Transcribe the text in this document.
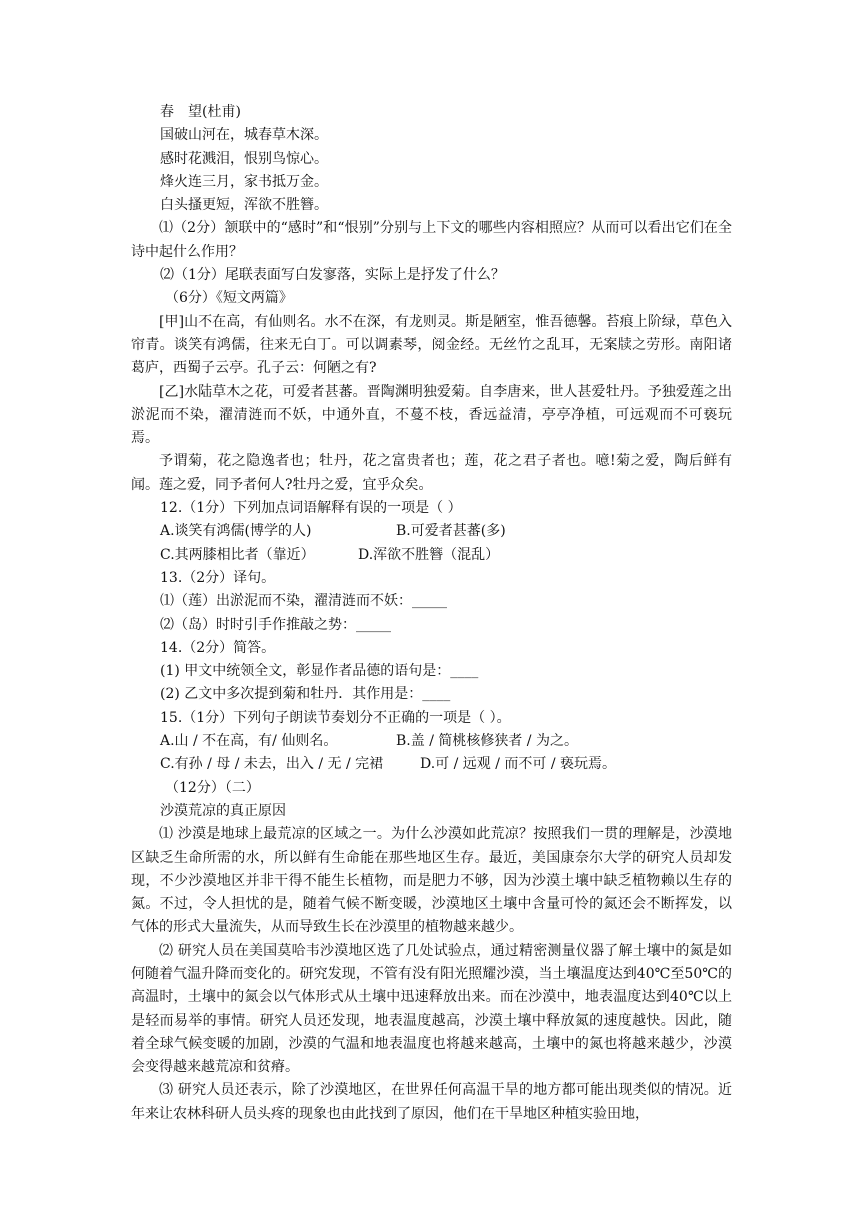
春　望(杜甫)
国破山河在，城春草木深。
感时花溅泪，恨别鸟惊心。
烽火连三月，家书抵万金。
白头搔更短，浑欲不胜簪。

⑴（2分）颔联中的“感时”和“恨别”分别与上下文的哪些内容相照应？从而可以看出它们在全诗中起什么作用？

⑵（1分）尾联表面写白发寥落，实际上是抒发了什么？
（6分）《短文两篇》

[甲]山不在高，有仙则名。水不在深，有龙则灵。斯是陋室，惟吾德馨。苔痕上阶绿，草色入帘青。谈笑有鸿儒，往来无白丁。可以调素琴，阅金经。无丝竹之乱耳，无案牍之劳形。南阳诸葛庐，西蜀子云亭。孔子云：何陋之有?

[乙]水陆草木之花，可爱者甚蕃。晋陶渊明独爱菊。自李唐来，世人甚爱牡丹。予独爱莲之出淤泥而不染，濯清涟而不妖，中通外直，不蔓不枝，香远益清，亭亭净植，可远观而不可亵玩焉。

予谓菊，花之隐逸者也；牡丹，花之富贵者也；莲，花之君子者也。噫!菊之爱，陶后鲜有闻。莲之爱，同予者何人?牡丹之爱，宜乎众矣。

12.（1分）下列加点词语解释有误的一项是（ ）
A.谈笑有鸿儒(博学的人)	B.可爱者甚蕃(多)
C.其两膝相比者（靠近）	D.浑欲不胜簪（混乱）
13.（2分）译句。
⑴（莲）出淤泥而不染，濯清涟而不妖：_____
⑵（岛）时时引手作推敲之势：_____
14.（2分）简答。
(1) 甲文中统领全文，彰显作者品德的语句是：____
(2) 乙文中多次提到菊和牡丹．其作用是：____
15.（1分）下列句子朗读节奏划分不正确的一项是（ ）。
A.山 / 不在高，有/ 仙则名。	B.盖 / 简桃核修狭者 / 为之。
C.有孙 / 母 / 未去，出入 / 无 / 完裙	D.可 / 远观 / 而不可 / 亵玩焉。
（12分）（二）
沙漠荒凉的真正原因

⑴ 沙漠是地球上最荒凉的区域之一。为什么沙漠如此荒凉？按照我们一贯的理解是，沙漠地区缺乏生命所需的水，所以鲜有生命能在那些地区生存。最近，美国康奈尔大学的研究人员却发现，不少沙漠地区并非干得不能生长植物，而是肥力不够，因为沙漠土壤中缺乏植物赖以生存的氮。不过，令人担忧的是，随着气候不断变暖，沙漠地区土壤中含量可怜的氮还会不断挥发，以气体的形式大量流失，从而导致生长在沙漠里的植物越来越少。

⑵ 研究人员在美国莫哈韦沙漠地区选了几处试验点，通过精密测量仪器了解土壤中的氮是如何随着气温升降而变化的。研究发现，不管有没有阳光照耀沙漠，当土壤温度达到40℃至50℃的高温时，土壤中的氮会以气体形式从土壤中迅速释放出来。而在沙漠中，地表温度达到40℃以上是轻而易举的事情。研究人员还发现，地表温度越高，沙漠土壤中释放氮的速度越快。因此，随着全球气候变暖的加剧，沙漠的气温和地表温度也将越来越高，土壤中的氮也将越来越少，沙漠会变得越来越荒凉和贫瘠。

⑶ 研究人员还表示，除了沙漠地区，在世界任何高温干旱的地方都可能出现类似的情况。近年来让农林科研人员头疼的现象也由此找到了原因，他们在干旱地区种植实验田地，
